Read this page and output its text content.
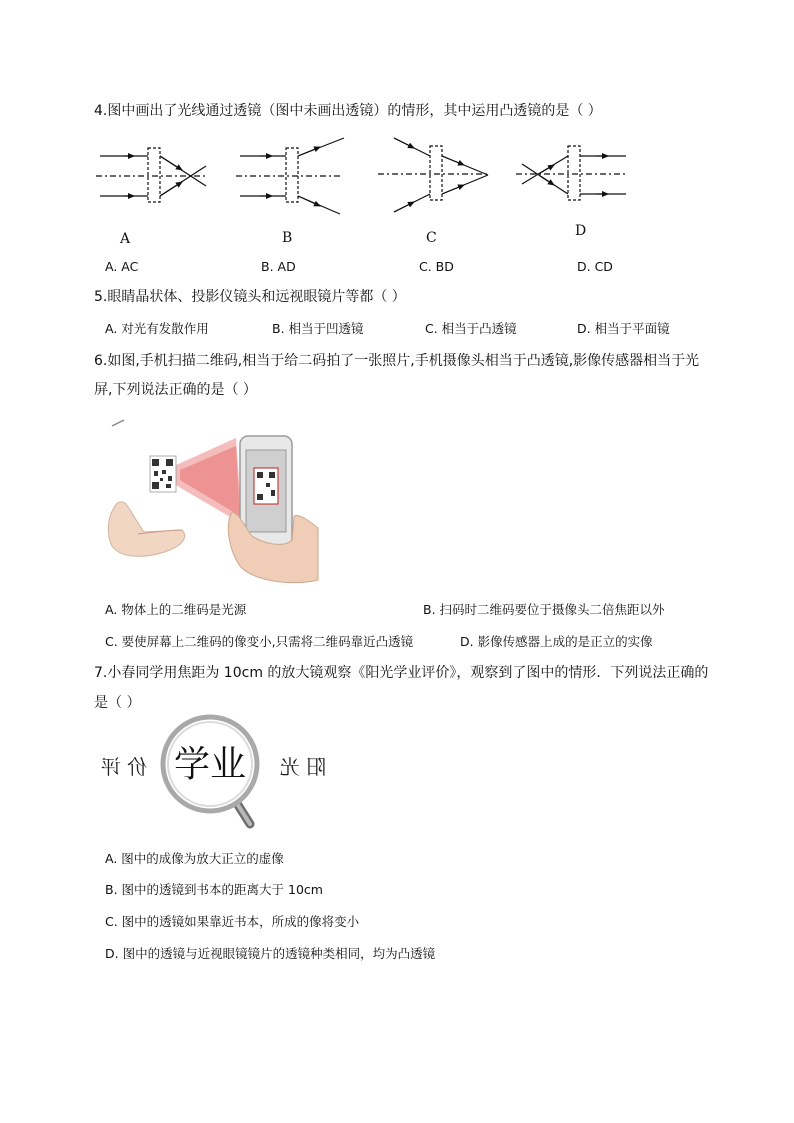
4.图中画出了光线通过透镜（图中未画出透镜）的情形，其中运用凸透镜的是（ ）
A	B	C	D
A. AC	B. AD	C. BD	D. CD
5.眼睛晶状体、投影仪镜头和远视眼镜片等都（ ）
A. 对光有发散作用	B. 相当于凹透镜	C. 相当于凸透镜	D. 相当于平面镜
6.如图,手机扫描二维码,相当于给二码拍了一张照片,手机摄像头相当于凸透镜,影像传感器相当于光
屏,下列说法正确的是（ ）
A. 物体上的二维码是光源	B. 扫码时二维码要位于摄像头二倍焦距以外
C. 要使屏幕上二维码的像变小,只需将二维码靠近凸透镜	D. 影像传感器上成的是正立的实像
7.小春同学用焦距为 10cm 的放大镜观察《阳光学业评价》，观察到了图中的情形．下列说法正确的
是（ ）
价 评 学业 阳 光
A. 图中的成像为放大正立的虚像
B. 图中的透镜到书本的距离大于 10cm
C. 图中的透镜如果靠近书本，所成的像将变小
D. 图中的透镜与近视眼镜镜片的透镜种类相同，均为凸透镜
